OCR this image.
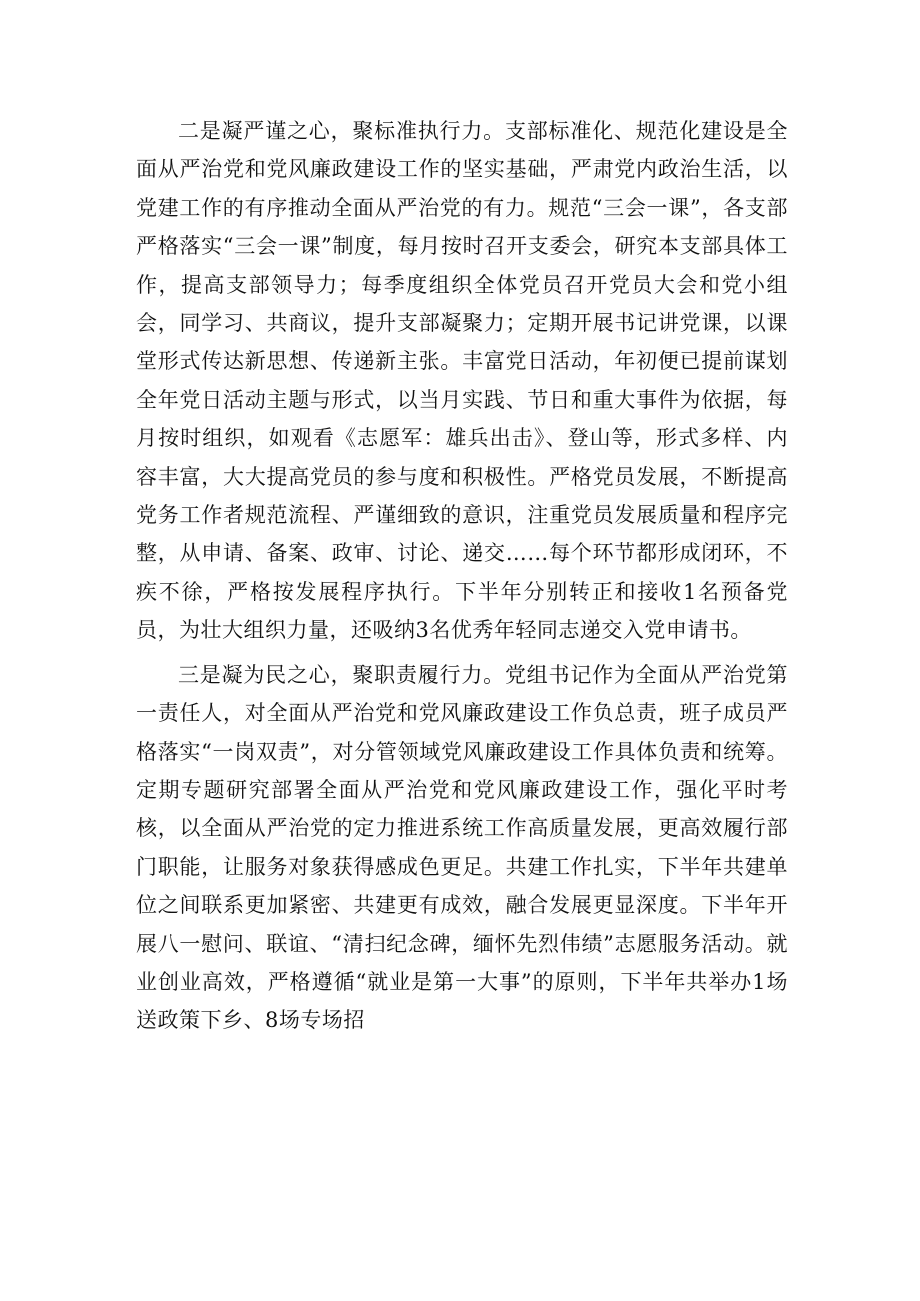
二是凝严谨之心，聚标准执行力。支部标准化、规范化建设是全面从严治党和党风廉政建设工作的坚实基础，严肃党内政治生活，以党建工作的有序推动全面从严治党的有力。规范“三会一课”，各支部严格落实“三会一课”制度，每月按时召开支委会，研究本支部具体工作，提高支部领导力；每季度组织全体党员召开党员大会和党小组会，同学习、共商议，提升支部凝聚力；定期开展书记讲党课，以课堂形式传达新思想、传递新主张。丰富党日活动，年初便已提前谋划全年党日活动主题与形式，以当月实践、节日和重大事件为依据，每月按时组织，如观看《志愿军：雄兵出击》、登山等，形式多样、内容丰富，大大提高党员的参与度和积极性。严格党员发展，不断提高党务工作者规范流程、严谨细致的意识，注重党员发展质量和程序完整，从申请、备案、政审、讨论、递交……每个环节都形成闭环，不疾不徐，严格按发展程序执行。下半年分别转正和接收1名预备党员，为壮大组织力量，还吸纳3名优秀年轻同志递交入党申请书。

三是凝为民之心，聚职责履行力。党组书记作为全面从严治党第一责任人，对全面从严治党和党风廉政建设工作负总责，班子成员严格落实“一岗双责”，对分管领域党风廉政建设工作具体负责和统筹。定期专题研究部署全面从严治党和党风廉政建设工作，强化平时考核，以全面从严治党的定力推进系统工作高质量发展，更高效履行部门职能，让服务对象获得感成色更足。共建工作扎实，下半年共建单位之间联系更加紧密、共建更有成效，融合发展更显深度。下半年开展八一慰问、联谊、“清扫纪念碑，缅怀先烈伟绩”志愿服务活动。就业创业高效，严格遵循“就业是第一大事”的原则，下半年共举办1场送政策下乡、8场专场招
